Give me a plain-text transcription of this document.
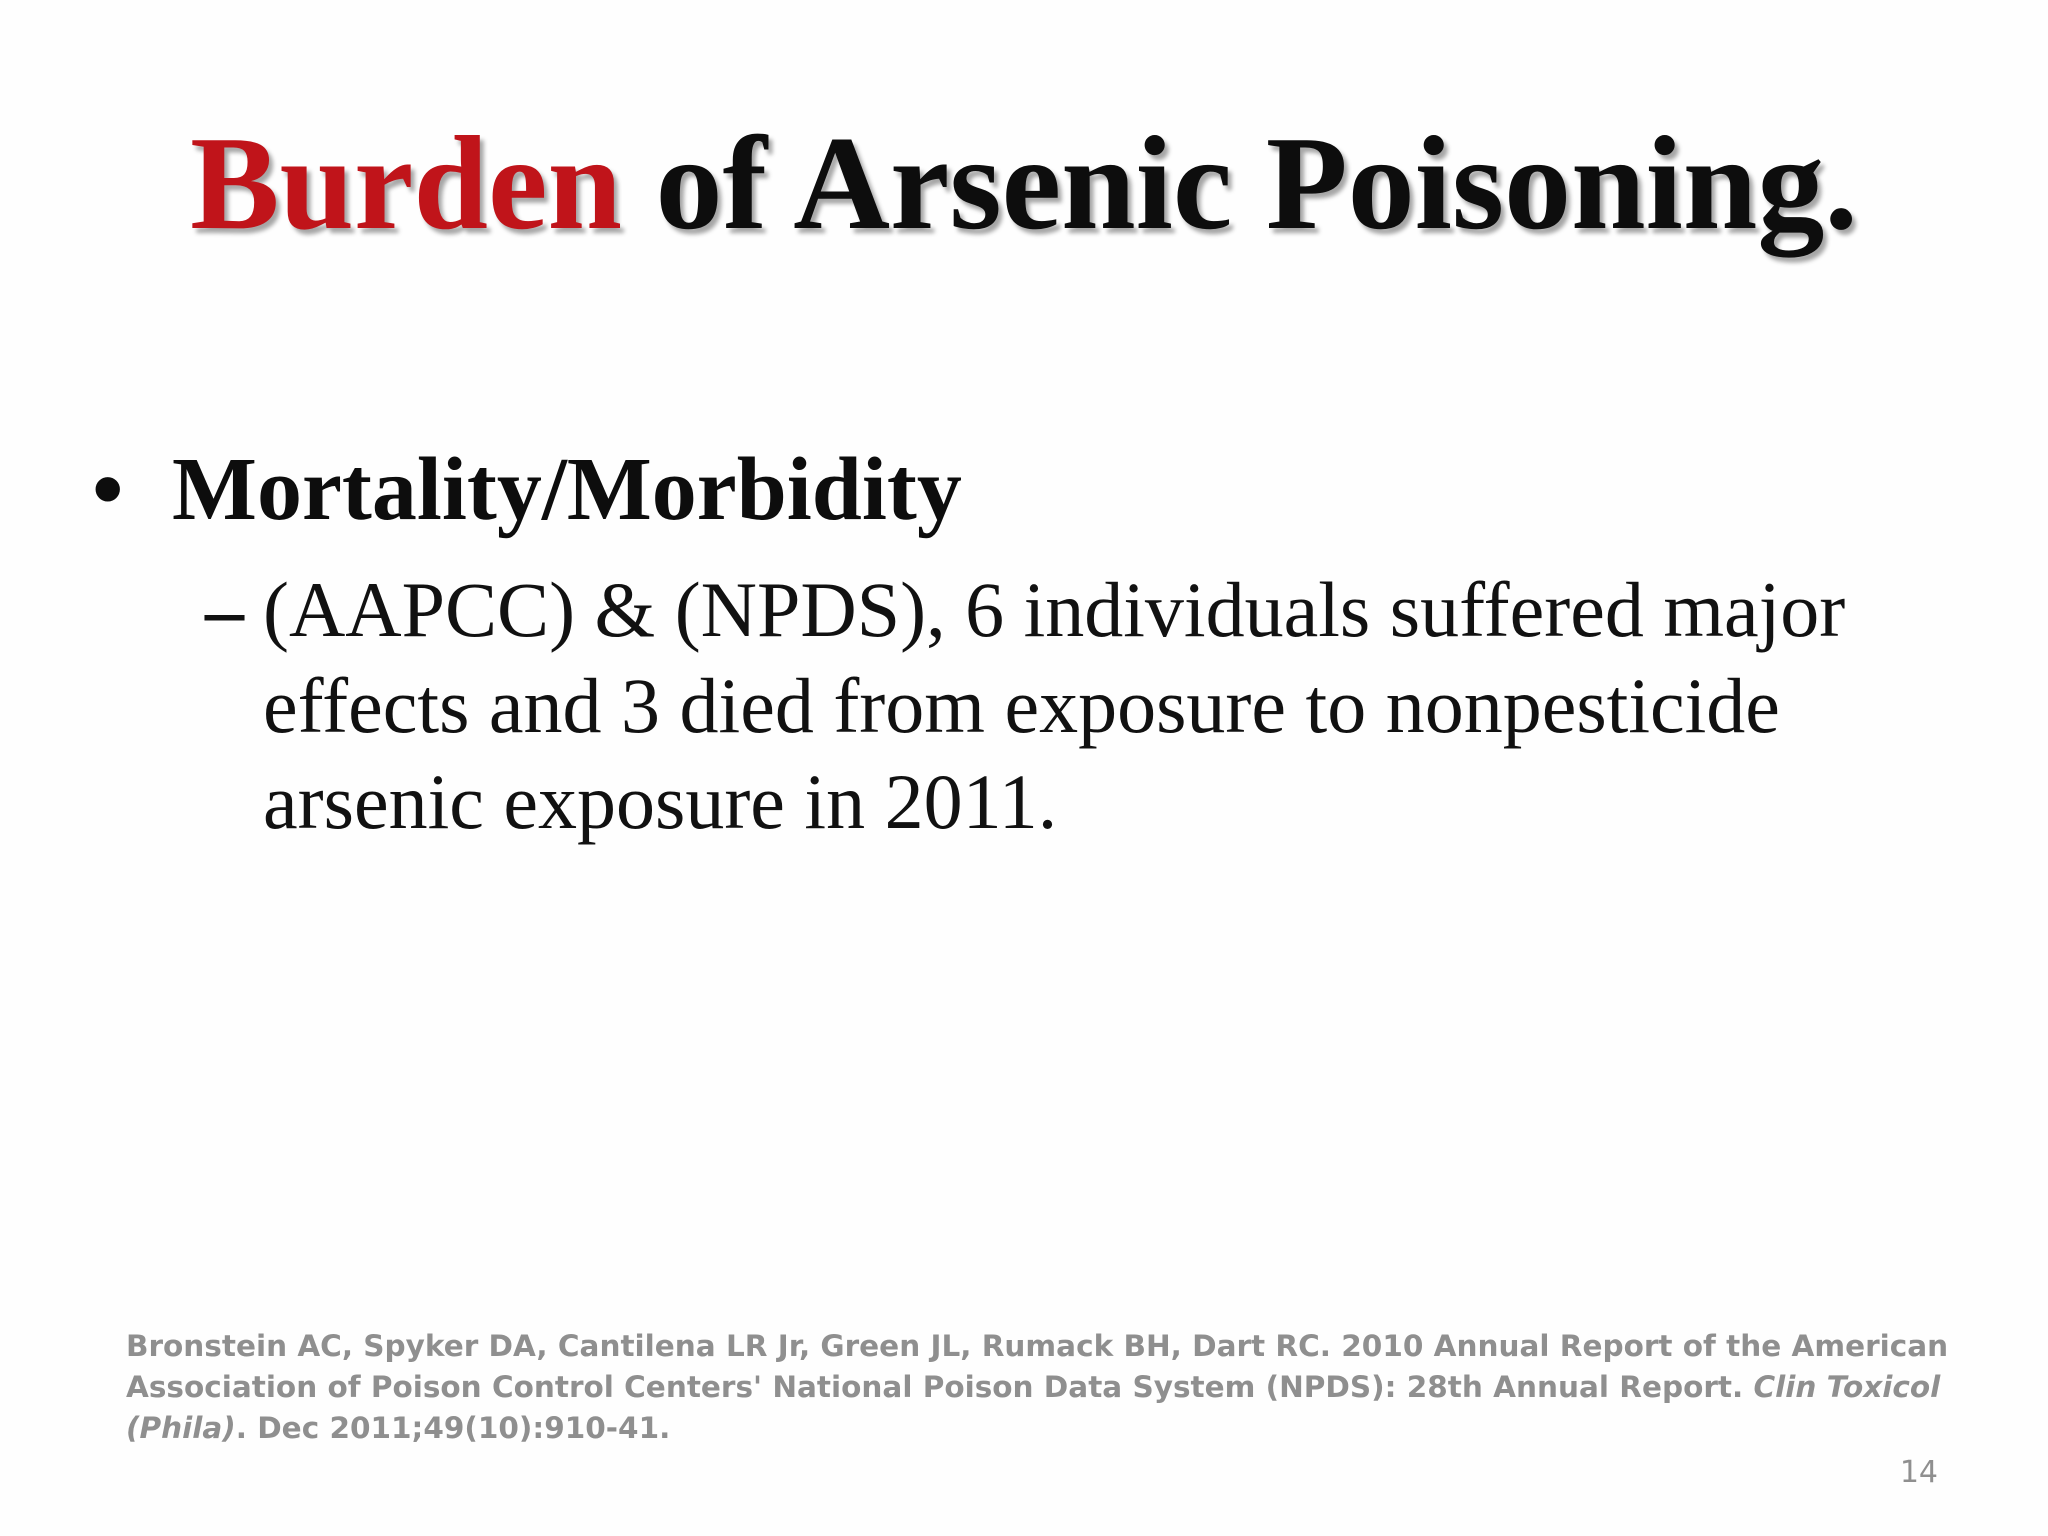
Burden of Arsenic Poisoning.
• Mortality/Morbidity
– (AAPCC) & (NPDS), 6 individuals suffered major effects and 3 died from exposure to nonpesticide arsenic exposure in 2011.
Bronstein AC, Spyker DA, Cantilena LR Jr, Green JL, Rumack BH, Dart RC. 2010 Annual Report of the American Association of Poison Control Centers' National Poison Data System (NPDS): 28th Annual Report. Clin Toxicol (Phila). Dec 2011;49(10):910-41.
14
